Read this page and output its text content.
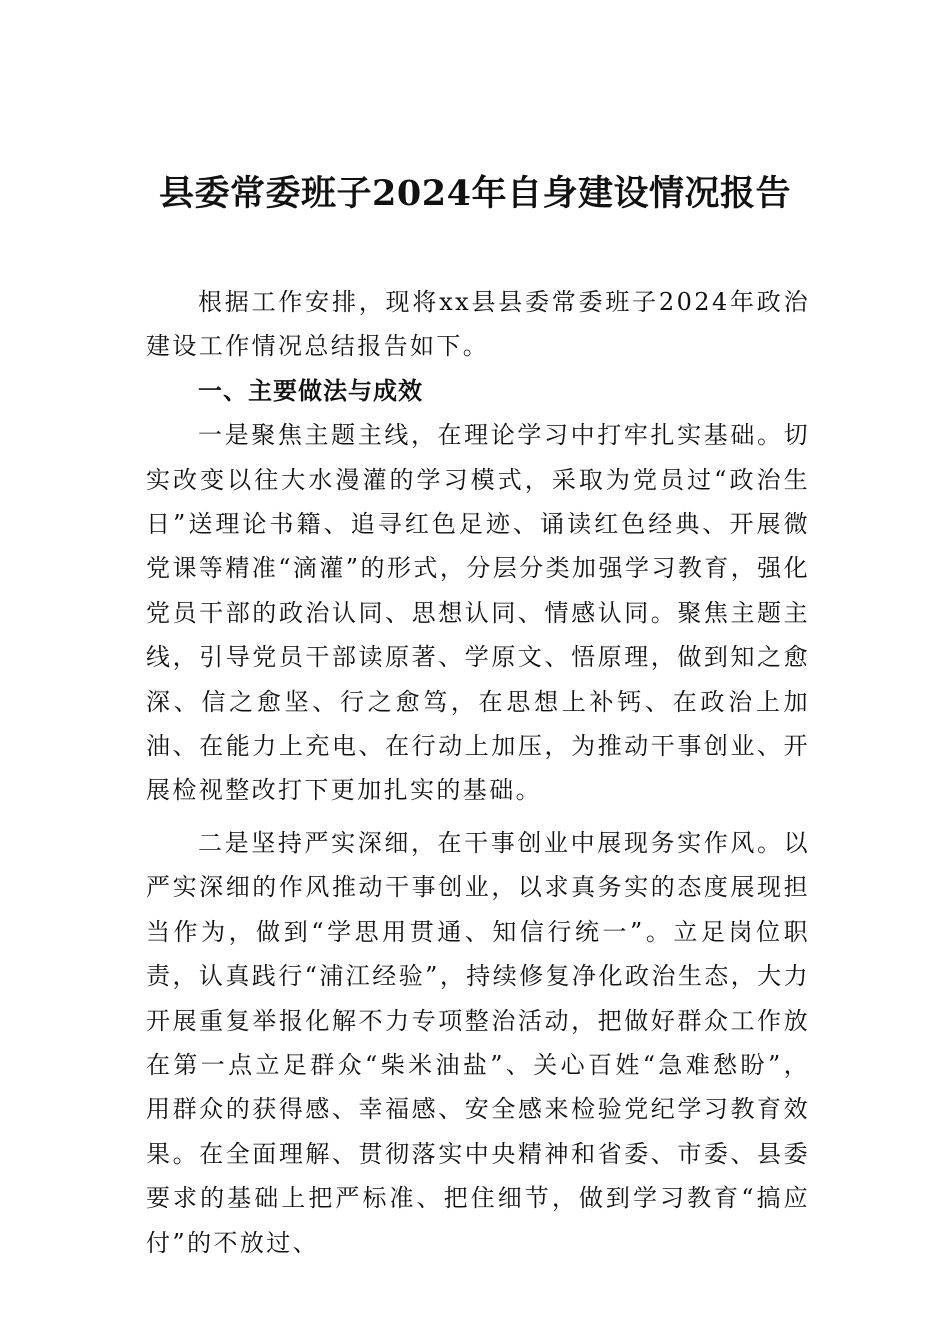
县委常委班子2024年自身建设情况报告

根据工作安排，现将xx县县委常委班子2024年政治建设工作情况总结报告如下。

一、主要做法与成效

一是聚焦主题主线，在理论学习中打牢扎实基础。切实改变以往大水漫灌的学习模式，采取为党员过“政治生日”送理论书籍、追寻红色足迹、诵读红色经典、开展微党课等精准“滴灌”的形式，分层分类加强学习教育，强化党员干部的政治认同、思想认同、情感认同。聚焦主题主线，引导党员干部读原著、学原文、悟原理，做到知之愈深、信之愈坚、行之愈笃，在思想上补钙、在政治上加油、在能力上充电、在行动上加压，为推动干事创业、开展检视整改打下更加扎实的基础。

二是坚持严实深细，在干事创业中展现务实作风。以严实深细的作风推动干事创业，以求真务实的态度展现担当作为，做到“学思用贯通、知信行统一”。立足岗位职责，认真践行“浦江经验”，持续修复净化政治生态，大力开展重复举报化解不力专项整治活动，把做好群众工作放在第一点立足群众“柴米油盐”、关心百姓“急难愁盼”，用群众的获得感、幸福感、安全感来检验党纪学习教育效果。在全面理解、贯彻落实中央精神和省委、市委、县委要求的基础上把严标准、把住细节，做到学习教育“搞应付”的不放过、
